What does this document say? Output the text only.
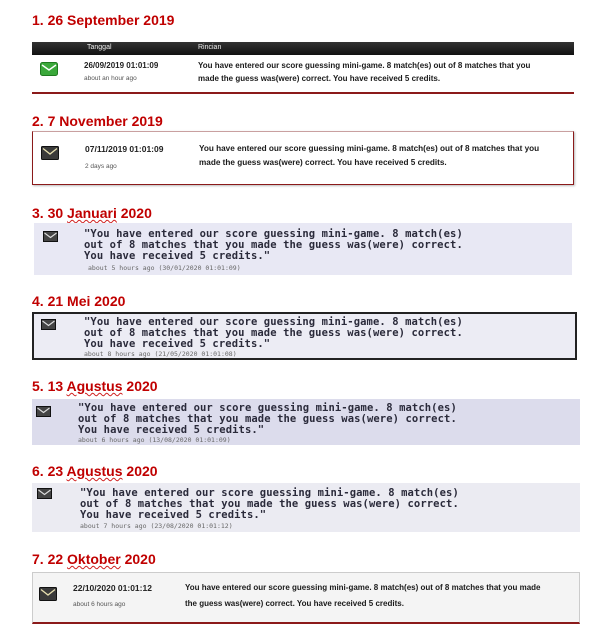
1. 26 September 2019
Tanggal	Rincian
26/09/2019 01:01:09
about an hour ago
You have entered our score guessing mini-game. 8 match(es) out of 8 matches that you
made the guess was(were) correct. You have received 5 credits.
2. 7 November 2019
07/11/2019 01:01:09
2 days ago
You have entered our score guessing mini-game. 8 match(es) out of 8 matches that you
made the guess was(were) correct. You have received 5 credits.
3. 30 Januari 2020
"You have entered our score guessing mini-game. 8 match(es)
out of 8 matches that you made the guess was(were) correct.
You have received 5 credits."
about 5 hours ago (30/01/2020 01:01:09)
4. 21 Mei 2020
"You have entered our score guessing mini-game. 8 match(es)
out of 8 matches that you made the guess was(were) correct.
You have received 5 credits."
about 8 hours ago (21/05/2020 01:01:08)
5. 13 Agustus 2020
"You have entered our score guessing mini-game. 8 match(es)
out of 8 matches that you made the guess was(were) correct.
You have received 5 credits."
about 6 hours ago (13/08/2020 01:01:09)
6. 23 Agustus 2020
"You have entered our score guessing mini-game. 8 match(es)
out of 8 matches that you made the guess was(were) correct.
You have received 5 credits."
about 7 hours ago (23/08/2020 01:01:12)
7. 22 Oktober 2020
22/10/2020 01:01:12
about 6 hours ago
You have entered our score guessing mini-game. 8 match(es) out of 8 matches that you made
the guess was(were) correct. You have received 5 credits.
